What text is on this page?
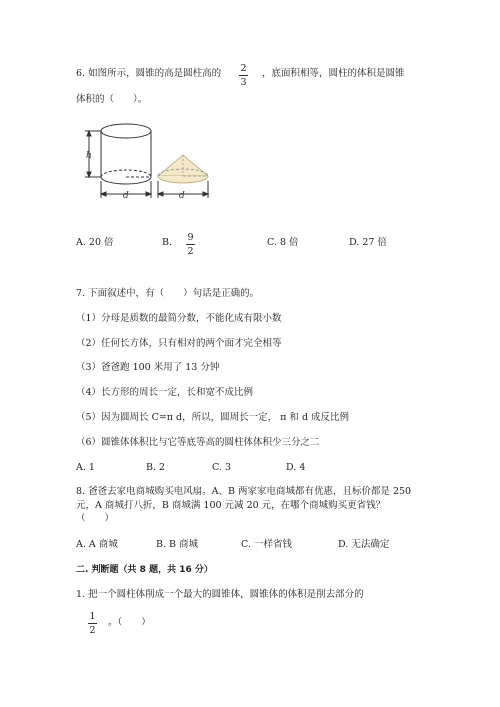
6. 如图所示，圆锥的高是圆柱高的 2
3
，底面积相等，圆柱的体积是圆锥
体积的（　　）。
h
d	d
A. 20 倍	B. 9
2
C. 8 倍	D. 27 倍
7. 下面叙述中，有（　　）句话是正确的。
（1）分母是质数的最简分数，不能化成有限小数
（2）任何长方体，只有相对的两个面才完全相等
（3）爸爸跑 100 米用了 13 分钟
（4）长方形的周长一定，长和宽不成比例
（5）因为圆周长 C=π d，所以，圆周长一定， π 和 d 成反比例
（6）圆锥体体积比与它等底等高的圆柱体体积少三分之二
A. 1	B. 2	C. 3	D. 4
8. 爸爸去家电商城购买电风扇。A、B 两家家电商城都有优惠，且标价都是 250
元，A 商城打八折，B 商城满 100 元减 20 元，在哪个商城购买更省钱？
（　　）
A. A 商城	B. B 商城	C. 一样省钱	D. 无法确定
二. 判断题（共 8 题，共 16 分）
1. 把一个圆柱体削成一个最大的圆锥体，圆锥体的体积是削去部分的
1
2
。（　　）
